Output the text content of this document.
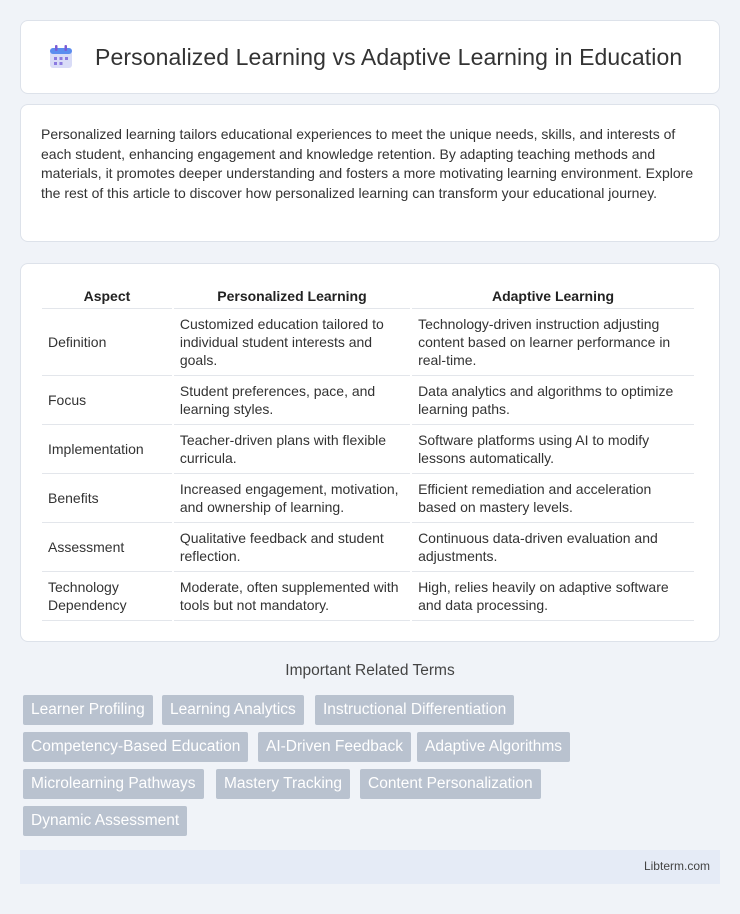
Personalized Learning vs Adaptive Learning in Education

Personalized learning tailors educational experiences to meet the unique needs, skills, and interests of each student, enhancing engagement and knowledge retention. By adapting teaching methods and materials, it promotes deeper understanding and fosters a more motivating learning environment. Explore the rest of this article to discover how personalized learning can transform your educational journey.

Aspect	Personalized Learning	Adaptive Learning
Definition	Customized education tailored to individual student interests and goals.	Technology-driven instruction adjusting content based on learner performance in real-time.
Focus	Student preferences, pace, and learning styles.	Data analytics and algorithms to optimize learning paths.
Implementation	Teacher-driven plans with flexible curricula.	Software platforms using AI to modify lessons automatically.
Benefits	Increased engagement, motivation, and ownership of learning.	Efficient remediation and acceleration based on mastery levels.
Assessment	Qualitative feedback and student reflection.	Continuous data-driven evaluation and adjustments.
Technology Dependency	Moderate, often supplemented with tools but not mandatory.	High, relies heavily on adaptive software and data processing.
Important Related Terms
Learner Profiling	Learning Analytics	Instructional Differentiation
Competency-Based Education	AI-Driven Feedback	Adaptive Algorithms
Microlearning Pathways	Mastery Tracking	Content Personalization
Dynamic Assessment
Libterm.com
